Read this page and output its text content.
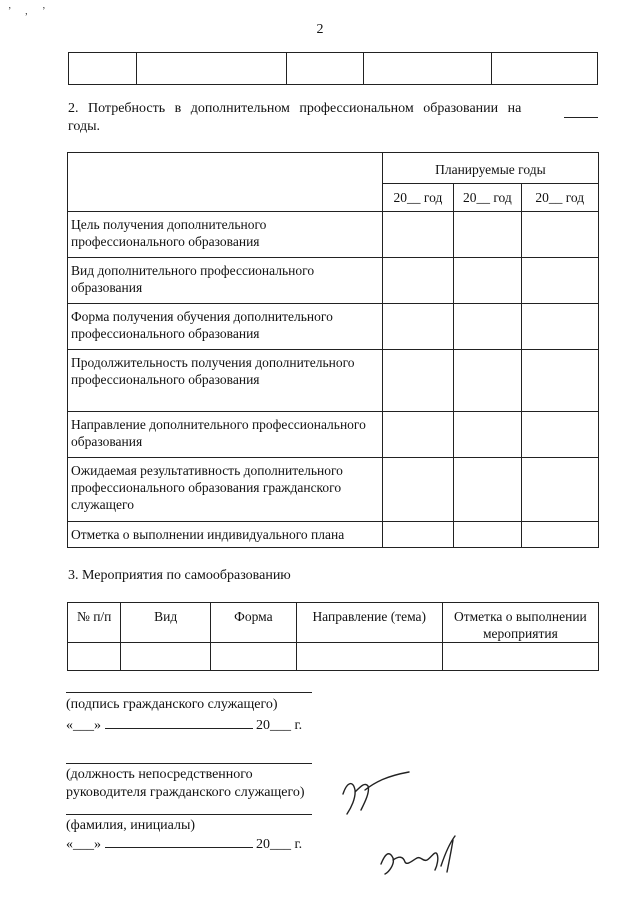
’ , ’
2

2. Потребность в дополнительном профессиональном образовании на
годы.
	Планируемые годы		
	20__ год	20__ год	20__ год
Цель получения дополнительного профессионального образования			
Вид дополнительного профессионального образования			
Форма получения обучения дополнительного профессионального образования			
Продолжительность получения дополнительного профессионального образования			
Направление дополнительного профессионального образования			
Ожидаемая результативность дополнительного профессионального образования гражданского служащего			
Отметка о выполнении индивидуального плана			
3. Мероприятия по самообразованию
№ п/п	Вид	Форма	Направление (тема)	Отметка о выполнении мероприятия

(подпись гражданского служащего)
«___»	20___ г.
(должность непосредственного руководителя гражданского служащего)
(фамилия, инициалы)
«___»	20___ г.
